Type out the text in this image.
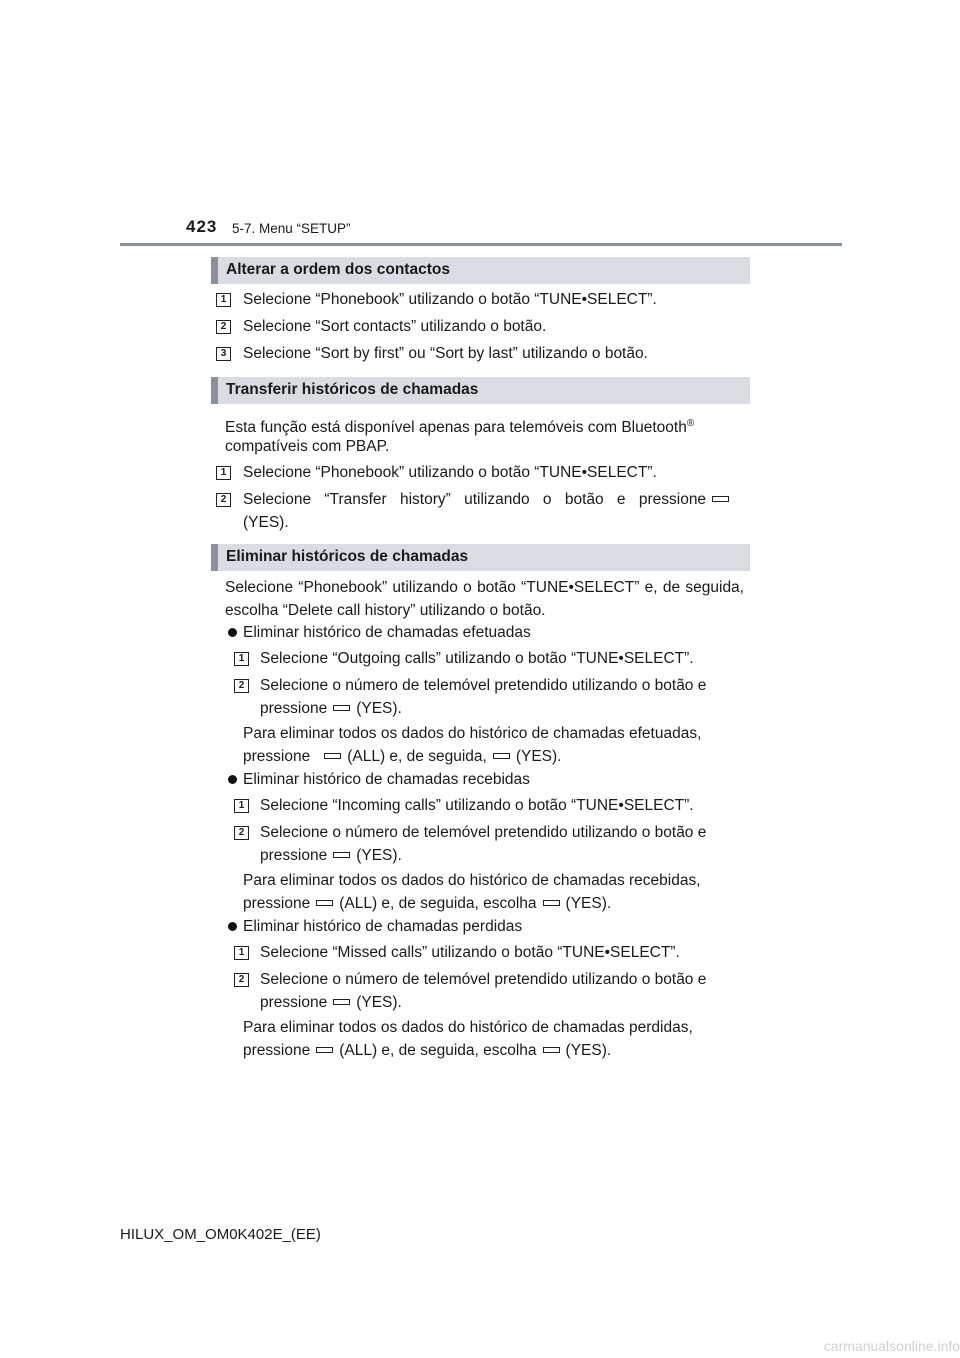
423 5-7. Menu “SETUP”
Alterar a ordem dos contactos
1	Selecione “Phonebook” utilizando o botão “TUNE•SELECT”.
2	Selecione “Sort contacts” utilizando o botão.
3	Selecione “Sort by first” ou “Sort by last” utilizando o botão.
Transferir históricos de chamadas
Esta função está disponível apenas para telemóveis com Bluetooth®
compatíveis com PBAP.
1	Selecione “Phonebook” utilizando o botão “TUNE•SELECT”.
2	Selecione “Transfer history” utilizando o botão e pressione
(YES).
Eliminar históricos de chamadas
Selecione “Phonebook” utilizando o botão “TUNE•SELECT” e, de seguida, escolha “Delete call history” utilizando o botão.
Eliminar histórico de chamadas efetuadas
1	Selecione “Outgoing calls” utilizando o botão “TUNE•SELECT”.
2	Selecione o número de telemóvel pretendido utilizando o botão e
pressione (YES).
Para eliminar todos os dados do histórico de chamadas efetuadas,
pressione (ALL) e, de seguida, (YES).
Eliminar histórico de chamadas recebidas
1	Selecione “Incoming calls” utilizando o botão “TUNE•SELECT”.
2	Selecione o número de telemóvel pretendido utilizando o botão e
pressione (YES).
Para eliminar todos os dados do histórico de chamadas recebidas,
pressione (ALL) e, de seguida, escolha (YES).
Eliminar histórico de chamadas perdidas
1	Selecione “Missed calls” utilizando o botão “TUNE•SELECT”.
2	Selecione o número de telemóvel pretendido utilizando o botão e
pressione (YES).
Para eliminar todos os dados do histórico de chamadas perdidas,
pressione (ALL) e, de seguida, escolha (YES).
HILUX_OM_OM0K402E_(EE)
carmanualsonline.info
